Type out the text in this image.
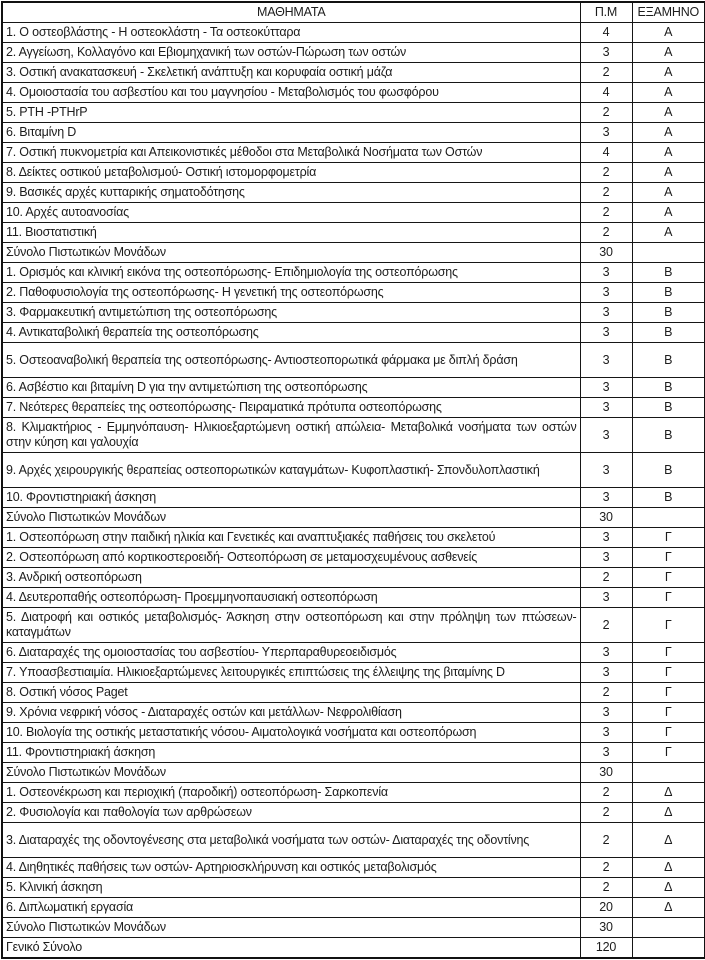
ΜΑΘΗΜΑΤΑ	Π.Μ	ΕΞΑΜΗΝΟ
1. Ο οστεοβλάστης - Η οστεοκλάστη - Τα οστεοκύτταρα	4	Α
2. Αγγείωση, Κολλαγόνο και Εβιομηχανική των οστών-Πώρωση των οστών	3	Α
3. Οστική ανακατασκευή - Σκελετική ανάπτυξη και κορυφαία οστική μάζα	2	Α
4. Ομοιοστασία του ασβεστίου και του μαγνησίου - Μεταβολισμός του φωσφόρου	4	Α
5. PTH -PTHrP	2	Α
6. Βιταμίνη D	3	Α
7. Οστική πυκνομετρία και Απεικονιστικές μέθοδοι στα Μεταβολικά Νοσήματα των Οστών	4	Α
8. Δείκτες οστικού μεταβολισμού- Οστική ιστομορφομετρία	2	Α
9. Βασικές αρχές κυτταρικής σηματοδότησης	2	Α
10. Αρχές αυτοανοσίας	2	Α
11. Βιοστατιστική	2	Α
Σύνολο Πιστωτικών Μονάδων	30	
1. Ορισμός και κλινική εικόνα της οστεοπόρωσης- Επιδημιολογία της οστεοπόρωσης	3	Β
2. Παθοφυσιολογία της οστεοπόρωσης- Η γενετική της οστεοπόρωσης	3	Β
3. Φαρμακευτική αντιμετώπιση της οστεοπόρωσης	3	Β
4. Αντικαταβολική θεραπεία της οστεοπόρωσης	3	Β
5. Οστεοαναβολική θεραπεία της οστεοπόρωσης- Αντιοστεοπορωτικά φάρμακα με διπλή δράση	3	Β
6. Ασβέστιο και βιταμίνη D για την αντιμετώπιση της οστεοπόρωσης	3	Β
7. Νεότερες θεραπείες της οστεοπόρωσης- Πειραματικά πρότυπα οστεοπόρωσης	3	Β
8. Κλιμακτήριος - Εμμηνόπαυση- Ηλικιοεξαρτώμενη οστική απώλεια- Μεταβολικά νοσήματα των οστών στην κύηση και γαλουχία	3	Β
9. Αρχές χειρουργικής θεραπείας οστεοπορωτικών καταγμάτων- Κυφοπλαστική- Σπονδυλοπλαστική	3	Β
10. Φροντιστηριακή άσκηση	3	Β
Σύνολο Πιστωτικών Μονάδων	30	
1. Οστεοπόρωση στην παιδική ηλικία και Γενετικές και αναπτυξιακές παθήσεις του σκελετού	3	Γ
2. Οστεοπόρωση από κορτικοστεροειδή- Οστεοπόρωση σε μεταμοσχευμένους ασθενείς	3	Γ
3. Ανδρική οστεοπόρωση	2	Γ
4. Δευτεροπαθής οστεοπόρωση- Προεμμηνοπαυσιακή οστεοπόρωση	3	Γ
5. Διατροφή και οστικός μεταβολισμός- Άσκηση στην οστεοπόρωση και στην πρόληψη των πτώσεων-καταγμάτων	2	Γ
6. Διαταραχές της ομοιοστασίας του ασβεστίου- Υπερπαραθυρεοειδισμός	3	Γ
7. Υποασβεστιαιμία. Ηλικιοεξαρτώμενες λειτουργικές επιπτώσεις της έλλειψης της βιταμίνης D	3	Γ
8. Οστική νόσος Paget	2	Γ
9. Χρόνια νεφρική νόσος - Διαταραχές οστών και μετάλλων- Νεφρολιθίαση	3	Γ
10. Βιολογία της οστικής μεταστατικής νόσου- Αιματολογικά νοσήματα και οστεοπόρωση	3	Γ
11. Φροντιστηριακή άσκηση	3	Γ
Σύνολο Πιστωτικών Μονάδων	30	
1. Οστεονέκρωση και περιοχική (παροδική) οστεοπόρωση- Σαρκοπενία	2	Δ
2. Φυσιολογία και παθολογία των αρθρώσεων	2	Δ
3. Διαταραχές της οδοντογένεσης στα μεταβολικά νοσήματα των οστών- Διαταραχές της οδοντίνης	2	Δ
4. Διηθητικές παθήσεις των οστών- Αρτηριοσκλήρυνση και οστικός μεταβολισμός	2	Δ
5. Κλινική άσκηση	2	Δ
6. Διπλωματική εργασία	20	Δ
Σύνολο Πιστωτικών Μονάδων	30	
Γενικό Σύνολο	120	
